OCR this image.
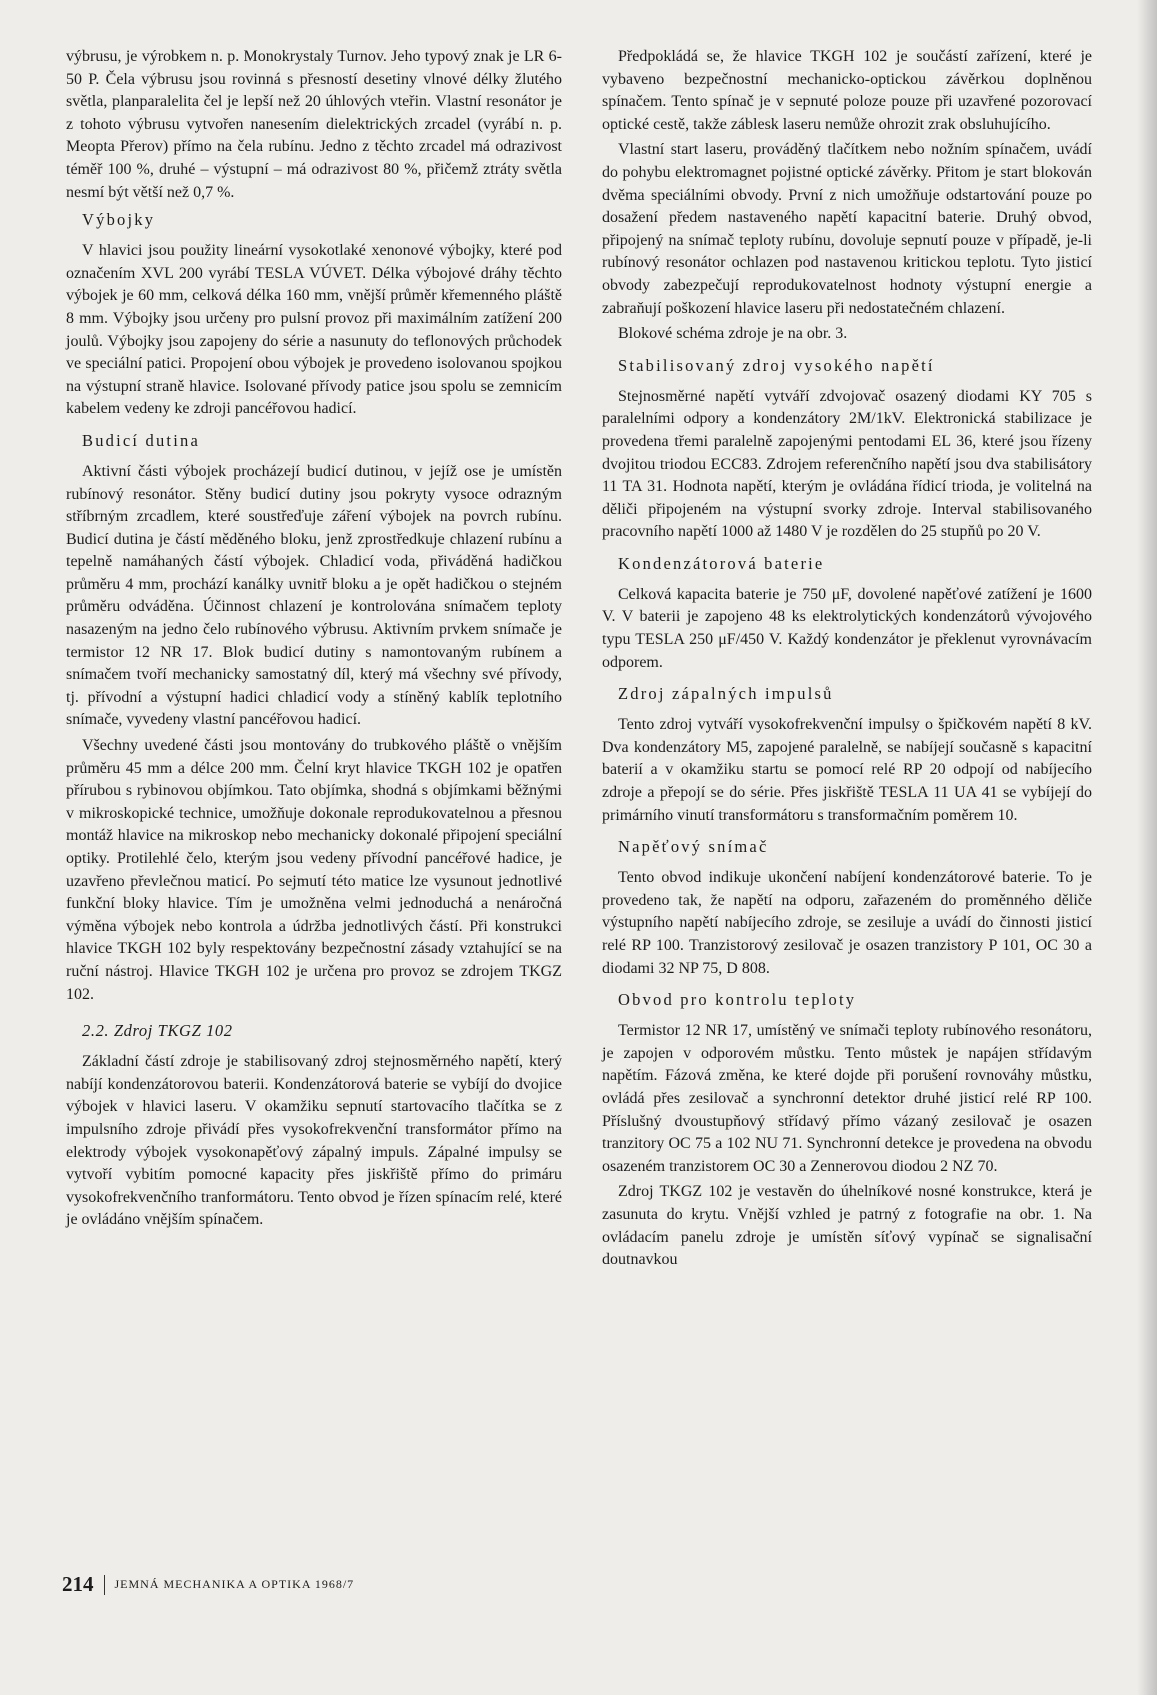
výbrusu, je výrobkem n. p. Monokrystaly Turnov. Jeho typový znak je LR 6-50 P. Čela výbrusu jsou rovinná s přesností desetiny vlnové délky žlutého světla, planparalelita čel je lepší než 20 úhlových vteřin. Vlastní resonátor je z tohoto výbrusu vytvořen nanesením dielektrických zrcadel (vyrábí n. p. Meopta Přerov) přímo na čela rubínu. Jedno z těchto zrcadel má odrazivost téměř 100 %, druhé – výstupní – má odrazivost 80 %, přičemž ztráty světla nesmí být větší než 0,7 %.

Výbojky

V hlavici jsou použity lineární vysokotlaké xenonové výbojky, které pod označením XVL 200 vyrábí TESLA VÚVET. Délka výbojové dráhy těchto výbojek je 60 mm, celková délka 160 mm, vnější průměr křemenného pláště 8 mm. Výbojky jsou určeny pro pulsní provoz při maximálním zatížení 200 joulů. Výbojky jsou zapojeny do série a nasunuty do teflonových průchodek ve speciální patici. Propojení obou výbojek je provedeno isolovanou spojkou na výstupní straně hlavice. Isolované přívody patice jsou spolu se zemnicím kabelem vedeny ke zdroji pancéřovou hadicí.

Budicí dutina

Aktivní části výbojek procházejí budicí dutinou, v jejíž ose je umístěn rubínový resonátor. Stěny budicí dutiny jsou pokryty vysoce odrazným stříbrným zrcadlem, které soustřeďuje záření výbojek na povrch rubínu. Budicí dutina je částí měděného bloku, jenž zprostředkuje chlazení rubínu a tepelně namáhaných částí výbojek. Chladicí voda, přiváděná hadičkou průměru 4 mm, prochází kanálky uvnitř bloku a je opět hadičkou o stejném průměru odváděna. Účinnost chlazení je kontrolována snímačem teploty nasazeným na jedno čelo rubínového výbrusu. Aktivním prvkem snímače je termistor 12 NR 17. Blok budicí dutiny s namontovaným rubínem a snímačem tvoří mechanicky samostatný díl, který má všechny své přívody, tj. přívodní a výstupní hadici chladicí vody a stíněný kablík teplotního snímače, vyvedeny vlastní pancéřovou hadicí.

Všechny uvedené části jsou montovány do trubkového pláště o vnějším průměru 45 mm a délce 200 mm. Čelní kryt hlavice TKGH 102 je opatřen přírubou s rybinovou objímkou. Tato objímka, shodná s objímkami běžnými v mikroskopické technice, umožňuje dokonale reprodukovatelnou a přesnou montáž hlavice na mikroskop nebo mechanicky dokonalé připojení speciální optiky. Protilehlé čelo, kterým jsou vedeny přívodní pancéřové hadice, je uzavřeno převlečnou maticí. Po sejmutí této matice lze vysunout jednotlivé funkční bloky hlavice. Tím je umožněna velmi jednoduchá a nenáročná výměna výbojek nebo kontrola a údržba jednotlivých částí. Při konstrukci hlavice TKGH 102 byly respektovány bezpečnostní zásady vztahující se na ruční nástroj. Hlavice TKGH 102 je určena pro provoz se zdrojem TKGZ 102.

2.2. Zdroj TKGZ 102

Základní částí zdroje je stabilisovaný zdroj stejnosměrného napětí, který nabíjí kondenzátorovou baterii. Kondenzátorová baterie se vybíjí do dvojice výbojek v hlavici laseru. V okamžiku sepnutí startovacího tlačítka se z impulsního zdroje přivádí přes vysokofrekvenční transformátor přímo na elektrody výbojek vysokonapěťový zápalný impuls. Zápalné impulsy se vytvoří vybitím pomocné kapacity přes jiskřiště přímo do primáru vysokofrekvenčního tranformátoru. Tento obvod je řízen spínacím relé, které je ovládáno vnějším spínačem.

Předpokládá se, že hlavice TKGH 102 je součástí zařízení, které je vybaveno bezpečnostní mechanicko-optickou závěrkou doplněnou spínačem. Tento spínač je v sepnuté poloze pouze při uzavřené pozorovací optické cestě, takže záblesk laseru nemůže ohrozit zrak obsluhujícího.

Vlastní start laseru, prováděný tlačítkem nebo nožním spínačem, uvádí do pohybu elektromagnet pojistné optické závěrky. Přitom je start blokován dvěma speciálními obvody. První z nich umožňuje odstartování pouze po dosažení předem nastaveného napětí kapacitní baterie. Druhý obvod, připojený na snímač teploty rubínu, dovoluje sepnutí pouze v případě, je-li rubínový resonátor ochlazen pod nastavenou kritickou teplotu. Tyto jisticí obvody zabezpečují reprodukovatelnost hodnoty výstupní energie a zabraňují poškození hlavice laseru při nedostatečném chlazení.

Blokové schéma zdroje je na obr. 3.

Stabilisovaný zdroj vysokého napětí

Stejnosměrné napětí vytváří zdvojovač osazený diodami KY 705 s paralelními odpory a kondenzátory 2M/1kV. Elektronická stabilizace je provedena třemi paralelně zapojenými pentodami EL 36, které jsou řízeny dvojitou triodou ECC83. Zdrojem referenčního napětí jsou dva stabilisátory 11 TA 31. Hodnota napětí, kterým je ovládána řídicí trioda, je volitelná na děliči připojeném na výstupní svorky zdroje. Interval stabilisovaného pracovního napětí 1000 až 1480 V je rozdělen do 25 stupňů po 20 V.

Kondenzátorová baterie

Celková kapacita baterie je 750 μF, dovolené napěťové zatížení je 1600 V. V baterii je zapojeno 48 ks elektrolytických kondenzátorů vývojového typu TESLA 250 μF/450 V. Každý kondenzátor je překlenut vyrovnávacím odporem.

Zdroj zápalných impulsů

Tento zdroj vytváří vysokofrekvenční impulsy o špičkovém napětí 8 kV. Dva kondenzátory M5, zapojené paralelně, se nabíjejí současně s kapacitní baterií a v okamžiku startu se pomocí relé RP 20 odpojí od nabíjecího zdroje a přepojí se do série. Přes jiskřiště TESLA 11 UA 41 se vybíjejí do primárního vinutí transformátoru s transformačním poměrem 10.

Napěťový snímač

Tento obvod indikuje ukončení nabíjení kondenzátorové baterie. To je provedeno tak, že napětí na odporu, zařazeném do proměnného děliče výstupního napětí nabíjecího zdroje, se zesiluje a uvádí do činnosti jisticí relé RP 100. Tranzistorový zesilovač je osazen tranzistory P 101, OC 30 a diodami 32 NP 75, D 808.

Obvod pro kontrolu teploty

Termistor 12 NR 17, umístěný ve snímači teploty rubínového resonátoru, je zapojen v odporovém můstku. Tento můstek je napájen střídavým napětím. Fázová změna, ke které dojde při porušení rovnováhy můstku, ovládá přes zesilovač a synchronní detektor druhé jisticí relé RP 100. Příslušný dvoustupňový střídavý přímo vázaný zesilovač je osazen tranzitory OC 75 a 102 NU 71. Synchronní detekce je provedena na obvodu osazeném tranzistorem OC 30 a Zennerovou diodou 2 NZ 70.

Zdroj TKGZ 102 je vestavěn do úhelníkové nosné konstrukce, která je zasunuta do krytu. Vnější vzhled je patrný z fotografie na obr. 1. Na ovládacím panelu zdroje je umístěn síťový vypínač se signalisační doutnavkou

214 JEMNÁ MECHANIKA A OPTIKA 1968/7
